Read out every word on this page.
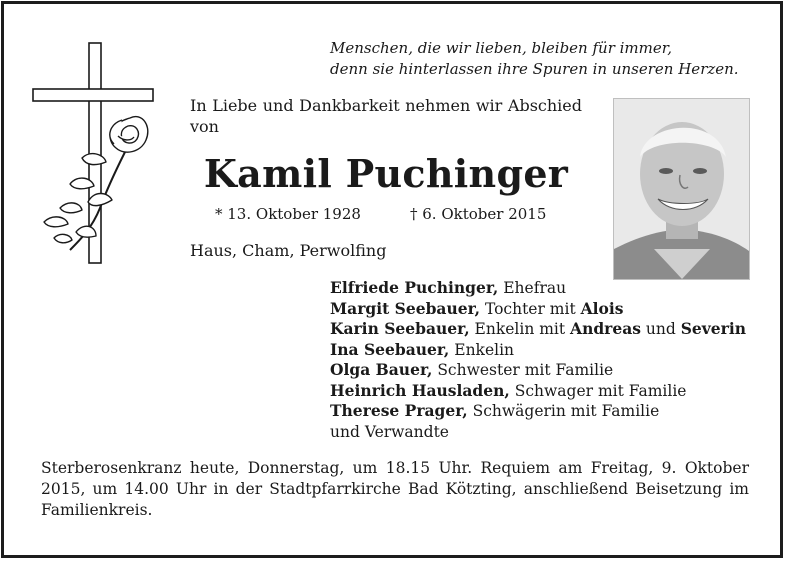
Menschen, die wir lieben, bleiben für immer,
denn sie hinterlassen ihre Spuren in unseren Herzen.
In Liebe und Dankbarkeit nehmen wir Abschied von
Kamil Puchinger
* 13. Oktober 1928	† 6. Oktober 2015
Haus, Cham, Perwolfing
Elfriede Puchinger, Ehefrau
Margit Seebauer, Tochter mit Alois
Karin Seebauer, Enkelin mit Andreas und Severin
Ina Seebauer, Enkelin
Olga Bauer, Schwester mit Familie
Heinrich Hausladen, Schwager mit Familie
Therese Prager, Schwägerin mit Familie
und Verwandte
Sterberosenkranz heute, Donnerstag, um 18.15 Uhr. Requiem am Freitag, 9. Oktober 2015, um 14.00 Uhr in der Stadtpfarrkirche Bad Kötzting, anschließend Beisetzung im Familienkreis.
